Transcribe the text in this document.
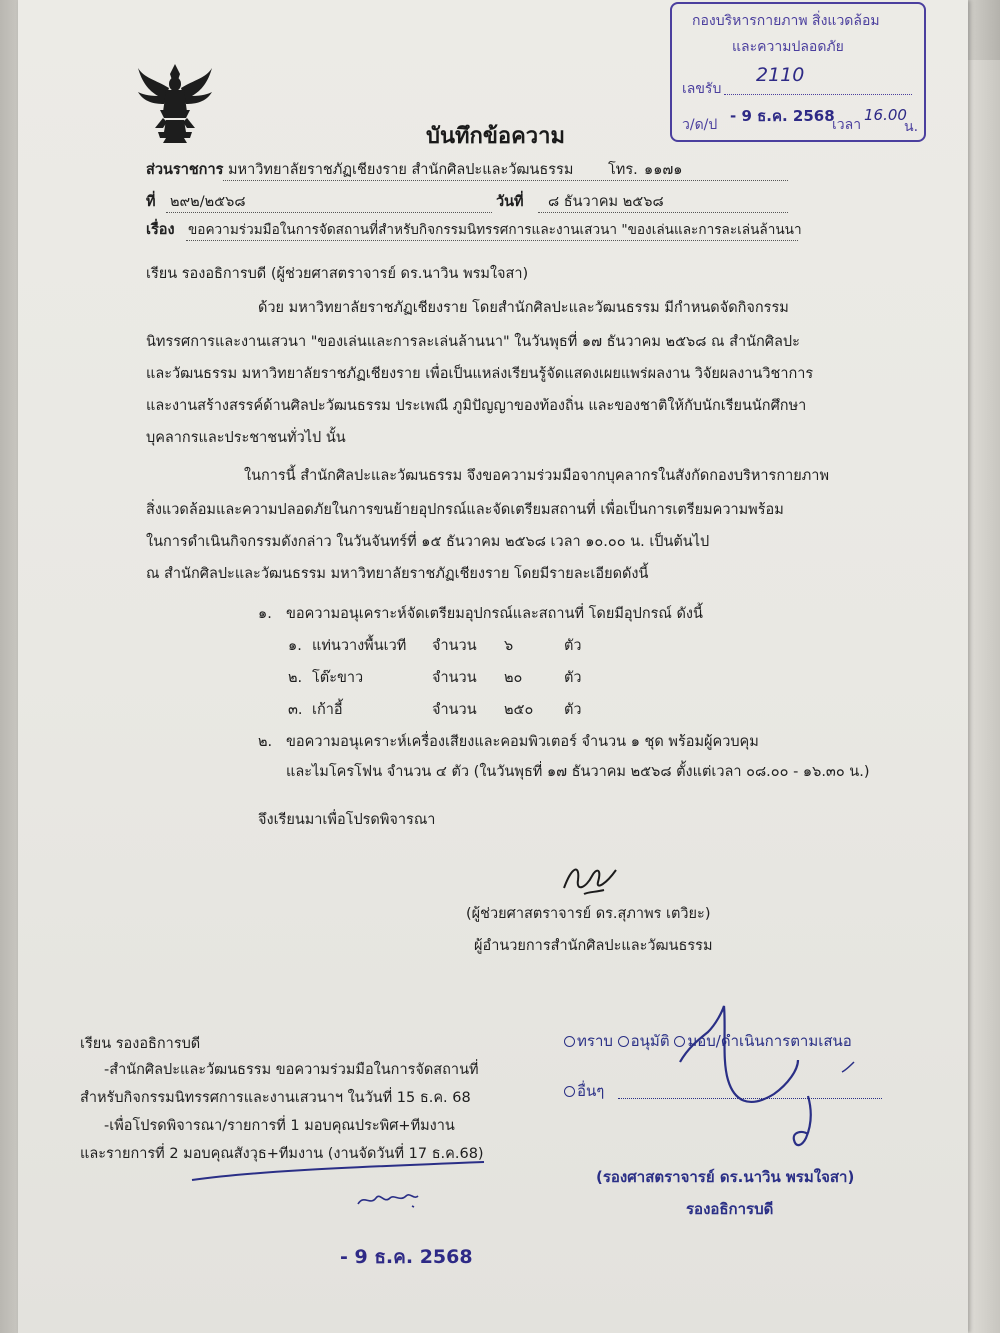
บันทึกข้อความ
กองบริหารกายภาพ สิ่งแวดล้อม
และความปลอดภัย
เลขรับ
2110
ว/ด/ป - 9 ธ.ค. 2568
เวลา
16.00
น.
ส่วนราชการ มหาวิทยาลัยราชภัฏเชียงราย สำนักศิลปะและวัฒนธรรม โทร. ๑๑๗๑
ที่ ๒๙๒/๒๕๖๘	วันที่ ๘ ธันวาคม ๒๕๖๘
เรื่อง ขอความร่วมมือในการจัดสถานที่สำหรับกิจกรรมนิทรรศการและงานเสวนา "ของเล่นและการละเล่นล้านนา
เรียน รองอธิการบดี (ผู้ช่วยศาสตราจารย์ ดร.นาวิน พรมใจสา)
ด้วย มหาวิทยาลัยราชภัฏเชียงราย โดยสำนักศิลปะและวัฒนธรรม มีกำหนดจัดกิจกรรม
นิทรรศการและงานเสวนา "ของเล่นและการละเล่นล้านนา" ในวันพุธที่ ๑๗ ธันวาคม ๒๕๖๘ ณ สำนักศิลปะ
และวัฒนธรรม มหาวิทยาลัยราชภัฏเชียงราย เพื่อเป็นแหล่งเรียนรู้จัดแสดงเผยแพร่ผลงาน วิจัยผลงานวิชาการ
และงานสร้างสรรค์ด้านศิลปะวัฒนธรรม ประเพณี ภูมิปัญญาของท้องถิ่น และของชาติให้กับนักเรียนนักศึกษา
บุคลากรและประชาชนทั่วไป นั้น
ในการนี้ สำนักศิลปะและวัฒนธรรม จึงขอความร่วมมือจากบุคลากรในสังกัดกองบริหารกายภาพ
สิ่งแวดล้อมและความปลอดภัยในการขนย้ายอุปกรณ์และจัดเตรียมสถานที่ เพื่อเป็นการเตรียมความพร้อม
ในการดำเนินกิจกรรมดังกล่าว ในวันจันทร์ที่ ๑๕ ธันวาคม ๒๕๖๘ เวลา ๑๐.๐๐ น. เป็นต้นไป
ณ สำนักศิลปะและวัฒนธรรม มหาวิทยาลัยราชภัฏเชียงราย โดยมีรายละเอียดดังนี้
๑. ขอความอนุเคราะห์จัดเตรียมอุปกรณ์และสถานที่ โดยมีอุปกรณ์ ดังนี้
๑. แท่นวางพื้นเวที จำนวน ๖	ตัว
๒. โต๊ะขาว	จำนวน ๒๐	ตัว
๓. เก้าอี้	จำนวน ๒๕๐ ตัว
๒. ขอความอนุเคราะห์เครื่องเสียงและคอมพิวเตอร์ จำนวน ๑ ชุด พร้อมผู้ควบคุม
และไมโครโฟน จำนวน ๔ ตัว (ในวันพุธที่ ๑๗ ธันวาคม ๒๕๖๘ ตั้งแต่เวลา ๐๘.๐๐ - ๑๖.๓๐ น.)
จึงเรียนมาเพื่อโปรดพิจารณา
(ผู้ช่วยศาสตราจารย์ ดร.สุภาพร เตวิยะ)
ผู้อำนวยการสำนักศิลปะและวัฒนธรรม
เรียน รองอธิการบดี
-สำนักศิลปะและวัฒนธรรม ขอความร่วมมือในการจัดสถานที่
สำหรับกิจกรรมนิทรรศการและงานเสวนาฯ ในวันที่ 15 ธ.ค. 68
-เพื่อโปรดพิจารณา/รายการที่ 1 มอบคุณประพิศ+ทีมงาน
และรายการที่ 2 มอบคุณสังวุธ+ทีมงาน (งานจัดวันที่ 17 ธ.ค.68)
- 9 ธ.ค. 2568
ทราบ อนุมัติ มอบ/ดำเนินการตามเสนอ
อื่นๆ
(รองศาสตราจารย์ ดร.นาวิน พรมใจสา)
รองอธิการบดี
